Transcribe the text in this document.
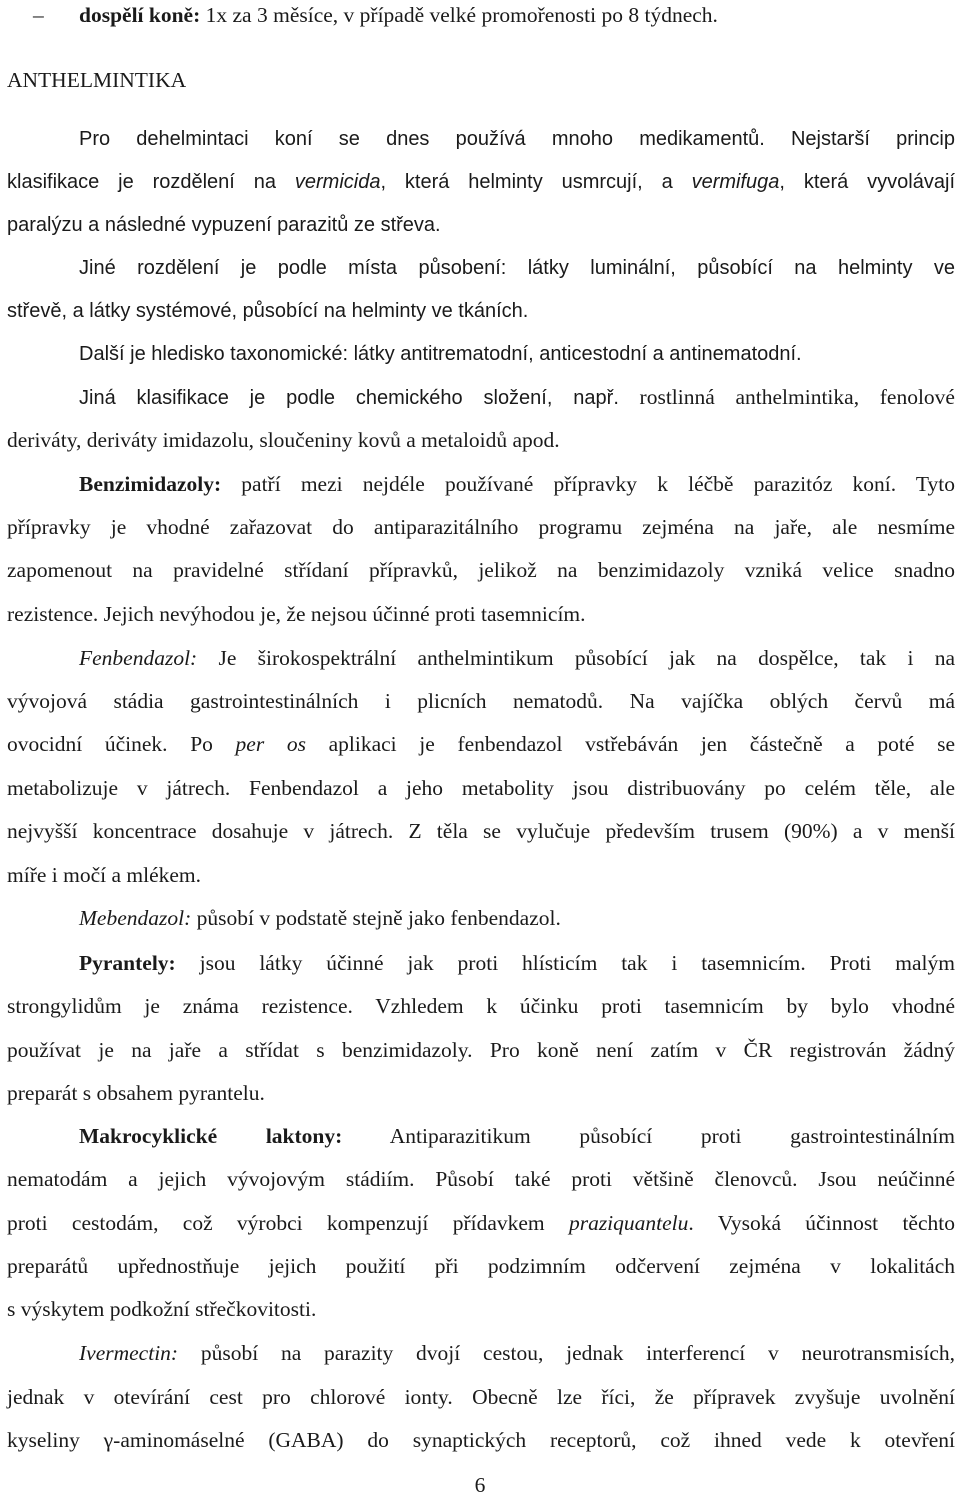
– dospělí koně: 1x za 3 měsíce, v případě velké promořenosti po 8 týdnech.
ANTHELMINTIKA
Pro dehelmintaci koní se dnes používá mnoho medikamentů. Nejstarší princip
klasifikace je rozdělení na vermicida, která helminty usmrcují, a vermifuga, která vyvolávají
paralýzu a následné vypuzení parazitů ze střeva.
Jiné rozdělení je podle místa působení: látky luminální, působící na helminty ve
střevě, a látky systémové, působící na helminty ve tkáních.
Další je hledisko taxonomické: látky antitrematodní, anticestodní a antinematodní.
Jiná klasifikace je podle chemického složení, např. rostlinná anthelmintika, fenolové
deriváty, deriváty imidazolu, sloučeniny kovů a metaloidů apod.
Benzimidazoly: patří mezi nejdéle používané přípravky k léčbě parazitóz koní. Tyto
přípravky je vhodné zařazovat do antiparazitálního programu zejména na jaře, ale nesmíme
zapomenout na pravidelné střídaní přípravků, jelikož na benzimidazoly vzniká velice snadno
rezistence. Jejich nevýhodou je, že nejsou účinné proti tasemnicím.
Fenbendazol: Je širokospektrální anthelmintikum působící jak na dospělce, tak i na
vývojová stádia gastrointestinálních i plicních nematodů. Na vajíčka oblých červů má
ovocidní účinek. Po per os aplikaci je fenbendazol vstřebáván jen částečně a poté se
metabolizuje v játrech. Fenbendazol a jeho metabolity jsou distribuovány po celém těle, ale
nejvyšší koncentrace dosahuje v játrech. Z těla se vylučuje především trusem (90%) a v menší
míře i močí a mlékem.
Mebendazol: působí v podstatě stejně jako fenbendazol.
Pyrantely: jsou látky účinné jak proti hlísticím tak i tasemnicím. Proti malým
strongylidům je známa rezistence. Vzhledem k účinku proti tasemnicím by bylo vhodné
používat je na jaře a střídat s benzimidazoly. Pro koně není zatím v ČR registrován žádný
preparát s obsahem pyrantelu.
Makrocyklické laktony: Antiparazitikum působící proti gastrointestinálním
nematodám a jejich vývojovým stádiím. Působí také proti většině členovců. Jsou neúčinné
proti cestodám, což výrobci kompenzují přídavkem praziquantelu. Vysoká účinnost těchto
preparátů upřednostňuje jejich použití při podzimním odčervení zejména v lokalitách
s výskytem podkožní střečkovitosti.
Ivermectin: působí na parazity dvojí cestou, jednak interferencí v neurotransmisích,
jednak v otevírání cest pro chlorové ionty. Obecně lze říci, že přípravek zvyšuje uvolnění
kyseliny γ-aminomáselné (GABA) do synaptických receptorů, což ihned vede k otevření
6
